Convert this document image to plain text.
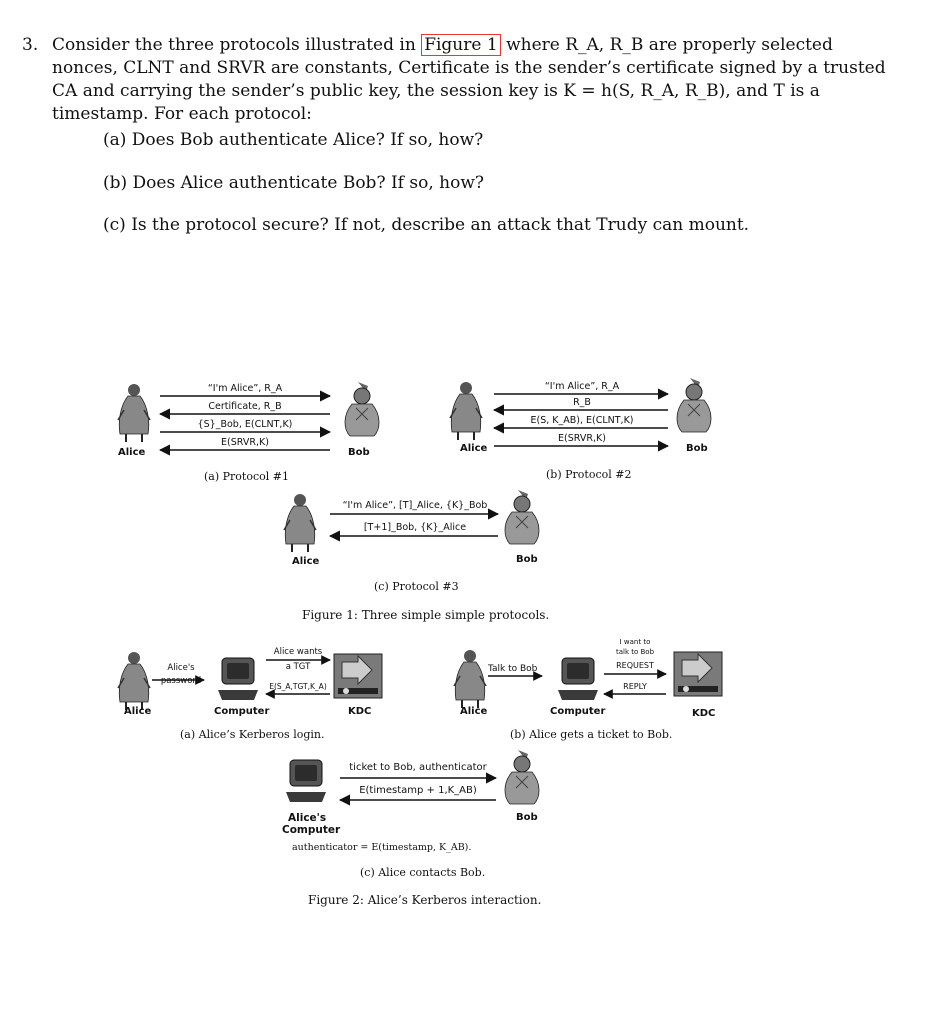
3. Consider the three protocols illustrated in Figure 1 where R_A, R_B are properly selected nonces, CLNT and SRVR are constants, Certificate is the sender’s certificate signed by a trusted CA and carrying the sender’s public key, the session key is K = h(S, R_A, R_B), and T is a timestamp. For each protocol:
(a) Does Bob authenticate Alice? If so, how?
(b) Does Alice authenticate Bob? If so, how?
(c) Is the protocol secure? If not, describe an attack that Trudy can mount.
“I'm Alice”, R_A
Certificate, R_B
{S}_Bob, E(CLNT,K)
E(SRVR,K)
Alice	Bob
(a) Protocol #1
“I'm Alice”, R_A
R_B
E(S, K_AB), E(CLNT,K)
E(SRVR,K)
Alice	Bob
(b) Protocol #2
“I'm Alice”, [T]_Alice, {K}_Bob
[T+1]_Bob, {K}_Alice
Alice	Bob
(c) Protocol #3
Figure 1: Three simple simple protocols.
Alice's password
Alice wants
a TGT
E(S_A,TGT,K_A)
Alice	Computer	KDC
(a) Alice’s Kerberos login.
Talk to Bob
I want to
talk to Bob
REQUEST
REPLY
Alice	Computer	KDC
(b) Alice gets a ticket to Bob.
ticket to Bob, authenticator
E(timestamp + 1,K_AB)
Alice's
Computer
Bob
authenticator = E(timestamp, K_AB).
(c) Alice contacts Bob.
Figure 2: Alice’s Kerberos interaction.
